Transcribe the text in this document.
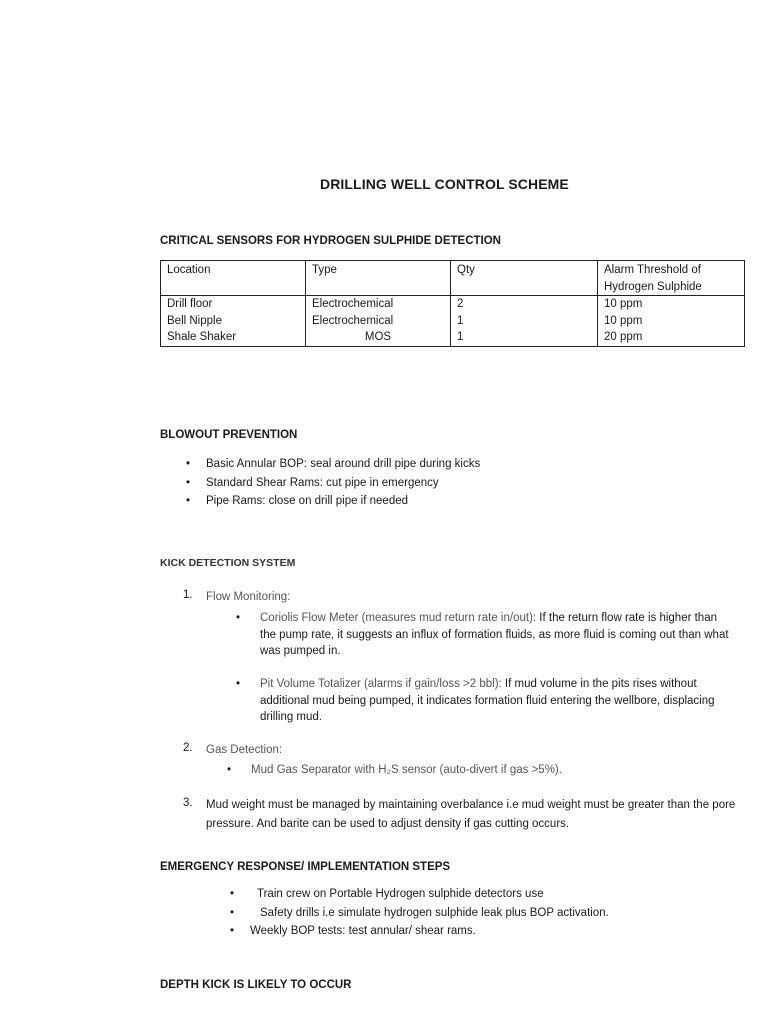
DRILLING WELL CONTROL SCHEME
CRITICAL SENSORS FOR HYDROGEN SULPHIDE DETECTION
Location	Type	Qty	Alarm Threshold of Hydrogen Sulphide
Drill floor	Electrochemical	2	10 ppm
Bell Nipple	Electrochemical	1	10 ppm
Shale Shaker	MOS	1	20 ppm
BLOWOUT PREVENTION
• Basic Annular BOP: seal around drill pipe during kicks
• Standard Shear Rams: cut pipe in emergency
• Pipe Rams: close on drill pipe if needed
KICK DETECTION SYSTEM
1. Flow Monitoring:
• Coriolis Flow Meter (measures mud return rate in/out): If the return flow rate is higher than the pump rate, it suggests an influx of formation fluids, as more fluid is coming out than what was pumped in.
• Pit Volume Totalizer (alarms if gain/loss >2 bbl): If mud volume in the pits rises without additional mud being pumped, it indicates formation fluid entering the wellbore, displacing drilling mud.
2. Gas Detection:
• Mud Gas Separator with H₂S sensor (auto-divert if gas >5%).
3. Mud weight must be managed by maintaining overbalance i.e mud weight must be greater than the pore pressure. And barite can be used to adjust density if gas cutting occurs.
EMERGENCY RESPONSE/ IMPLEMENTATION STEPS
• Train crew on Portable Hydrogen sulphide detectors use
• Safety drills i.e simulate hydrogen sulphide leak plus BOP activation.
• Weekly BOP tests: test annular/ shear rams.
DEPTH KICK IS LIKELY TO OCCUR
